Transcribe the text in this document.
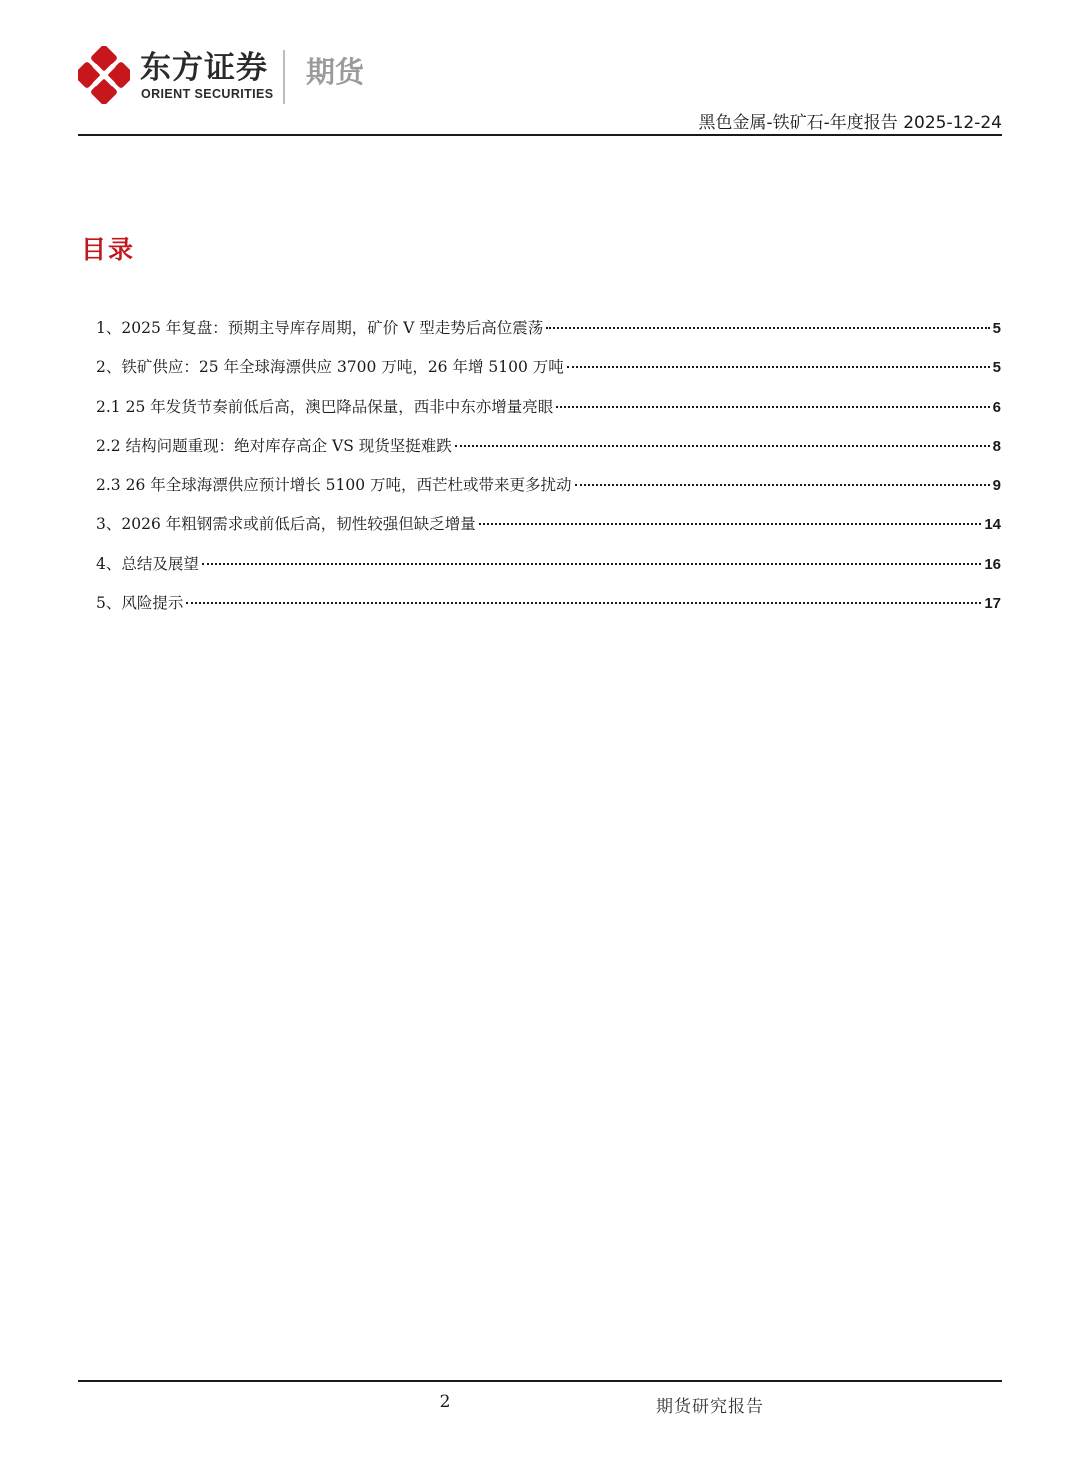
东方证券
ORIENT SECURITIES
期货
黑色金属-铁矿石-年度报告 2025-12-24
目录
1、2025 年复盘：预期主导库存周期，矿价 V 型走势后高位震荡	5
2、铁矿供应：25 年全球海漂供应 3700 万吨，26 年增 5100 万吨	5
2.1 25 年发货节奏前低后高，澳巴降品保量，西非中东亦增量亮眼	6
2.2 结构问题重现：绝对库存高企 VS 现货坚挺难跌	8
2.3 26 年全球海漂供应预计增长 5100 万吨，西芒杜或带来更多扰动	9
3、2026 年粗钢需求或前低后高，韧性较强但缺乏增量	14
4、总结及展望	16
5、风险提示	17
2	期货研究报告
